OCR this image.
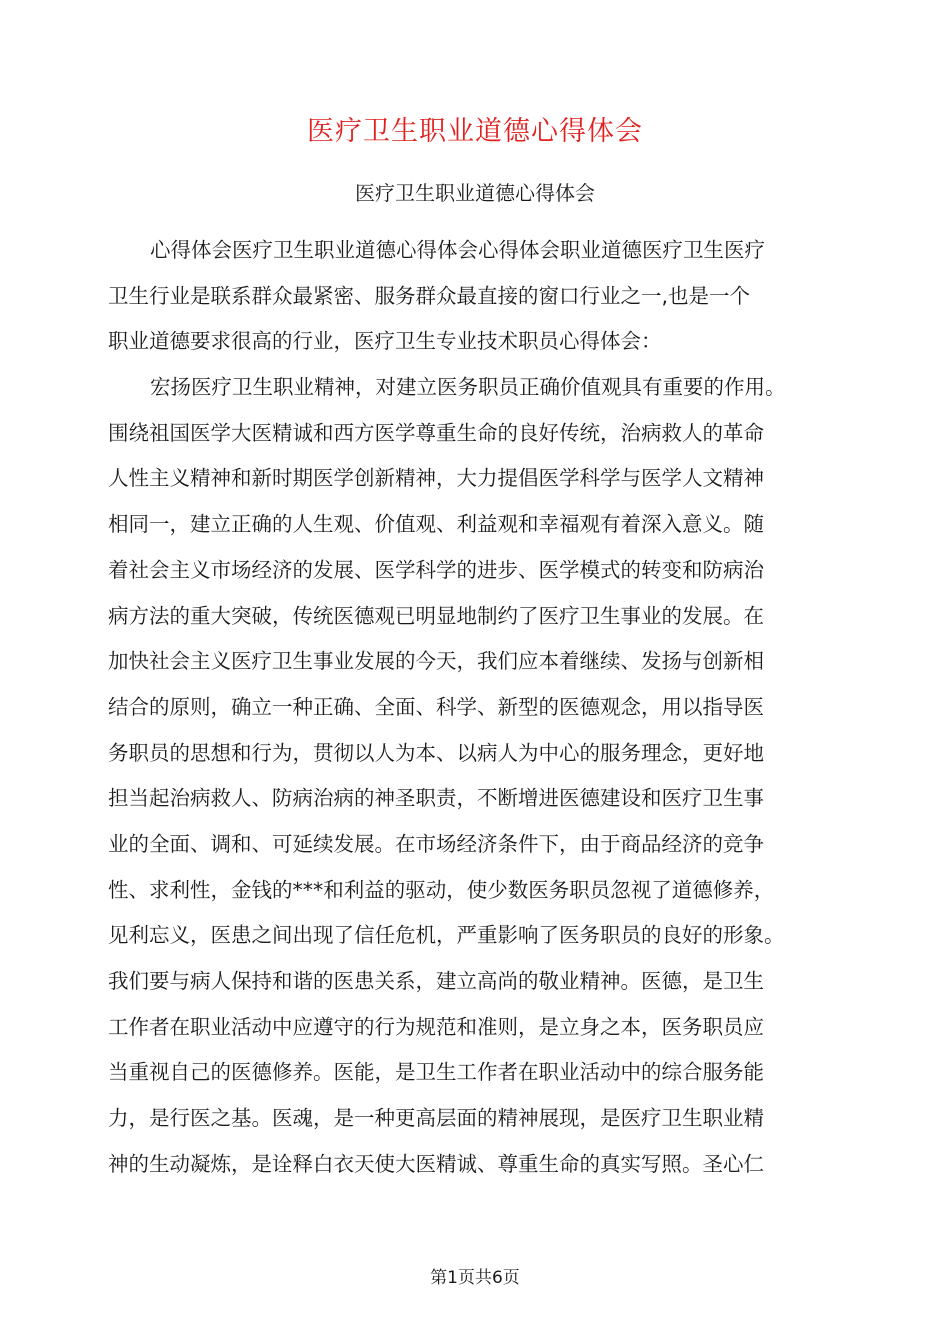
医疗卫生职业道德心得体会
医疗卫生职业道德心得体会
心得体会医疗卫生职业道德心得体会心得体会职业道德医疗卫生医疗
卫生行业是联系群众最紧密、服务群众最直接的窗口行业之一,也是一个
职业道德要求很高的行业，医疗卫生专业技术职员心得体会：
宏扬医疗卫生职业精神，对建立医务职员正确价值观具有重要的作用。
围绕祖国医学大医精诚和西方医学尊重生命的良好传统，治病救人的革命
人性主义精神和新时期医学创新精神，大力提倡医学科学与医学人文精神
相同一，建立正确的人生观、价值观、利益观和幸福观有着深入意义。随
着社会主义市场经济的发展、医学科学的进步、医学模式的转变和防病治
病方法的重大突破，传统医德观已明显地制约了医疗卫生事业的发展。在
加快社会主义医疗卫生事业发展的今天，我们应本着继续、发扬与创新相
结合的原则，确立一种正确、全面、科学、新型的医德观念，用以指导医
务职员的思想和行为，贯彻以人为本、以病人为中心的服务理念，更好地
担当起治病救人、防病治病的神圣职责，不断增进医德建设和医疗卫生事
业的全面、调和、可延续发展。在市场经济条件下，由于商品经济的竞争
性、求利性，金钱的***和利益的驱动，使少数医务职员忽视了道德修养，
见利忘义，医患之间出现了信任危机，严重影响了医务职员的良好的形象。
我们要与病人保持和谐的医患关系，建立高尚的敬业精神。医德，是卫生
工作者在职业活动中应遵守的行为规范和准则，是立身之本，医务职员应
当重视自己的医德修养。医能，是卫生工作者在职业活动中的综合服务能
力，是行医之基。医魂，是一种更高层面的精神展现，是医疗卫生职业精
神的生动凝炼，是诠释白衣天使大医精诚、尊重生命的真实写照。圣心仁
第1页共6页
